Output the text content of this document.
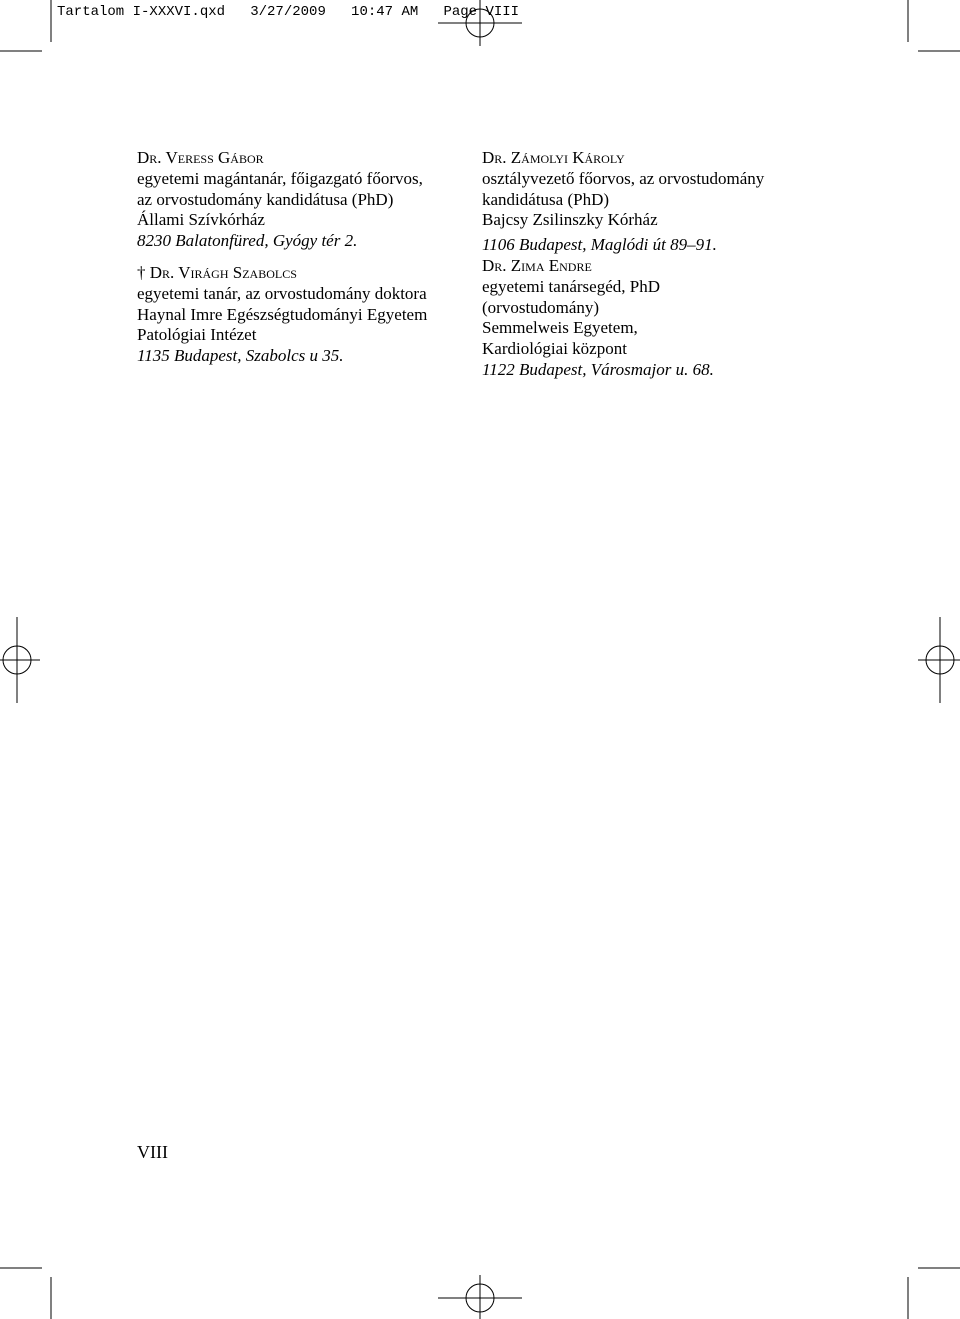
Tartalom I-XXXVI.qxd   3/27/2009   10:47 AM   Page VIII
Dr. Veress Gábor
egyetemi magántanár, főigazgató főorvos,
az orvostudomány kandidátusa (PhD)
Állami Szívkórház
8230 Balatonfüred, Gyógy tér 2.
† Dr. Virágh Szabolcs
egyetemi tanár, az orvostudomány doktora
Haynal Imre Egészségtudományi Egyetem
Patológiai Intézet
1135 Budapest, Szabolcs u 35.
Dr. Zámolyi Károly
osztályvezető főorvos, az orvostudomány
kandidátusa (PhD)
Bajcsy Zsilinszky Kórház
1106 Budapest, Maglódi út 89–91.
Dr. Zima Endre
egyetemi tanársegéd, PhD
(orvostudomány)
Semmelweis Egyetem,
Kardiológiai központ
1122 Budapest, Városmajor u. 68.
VIII
